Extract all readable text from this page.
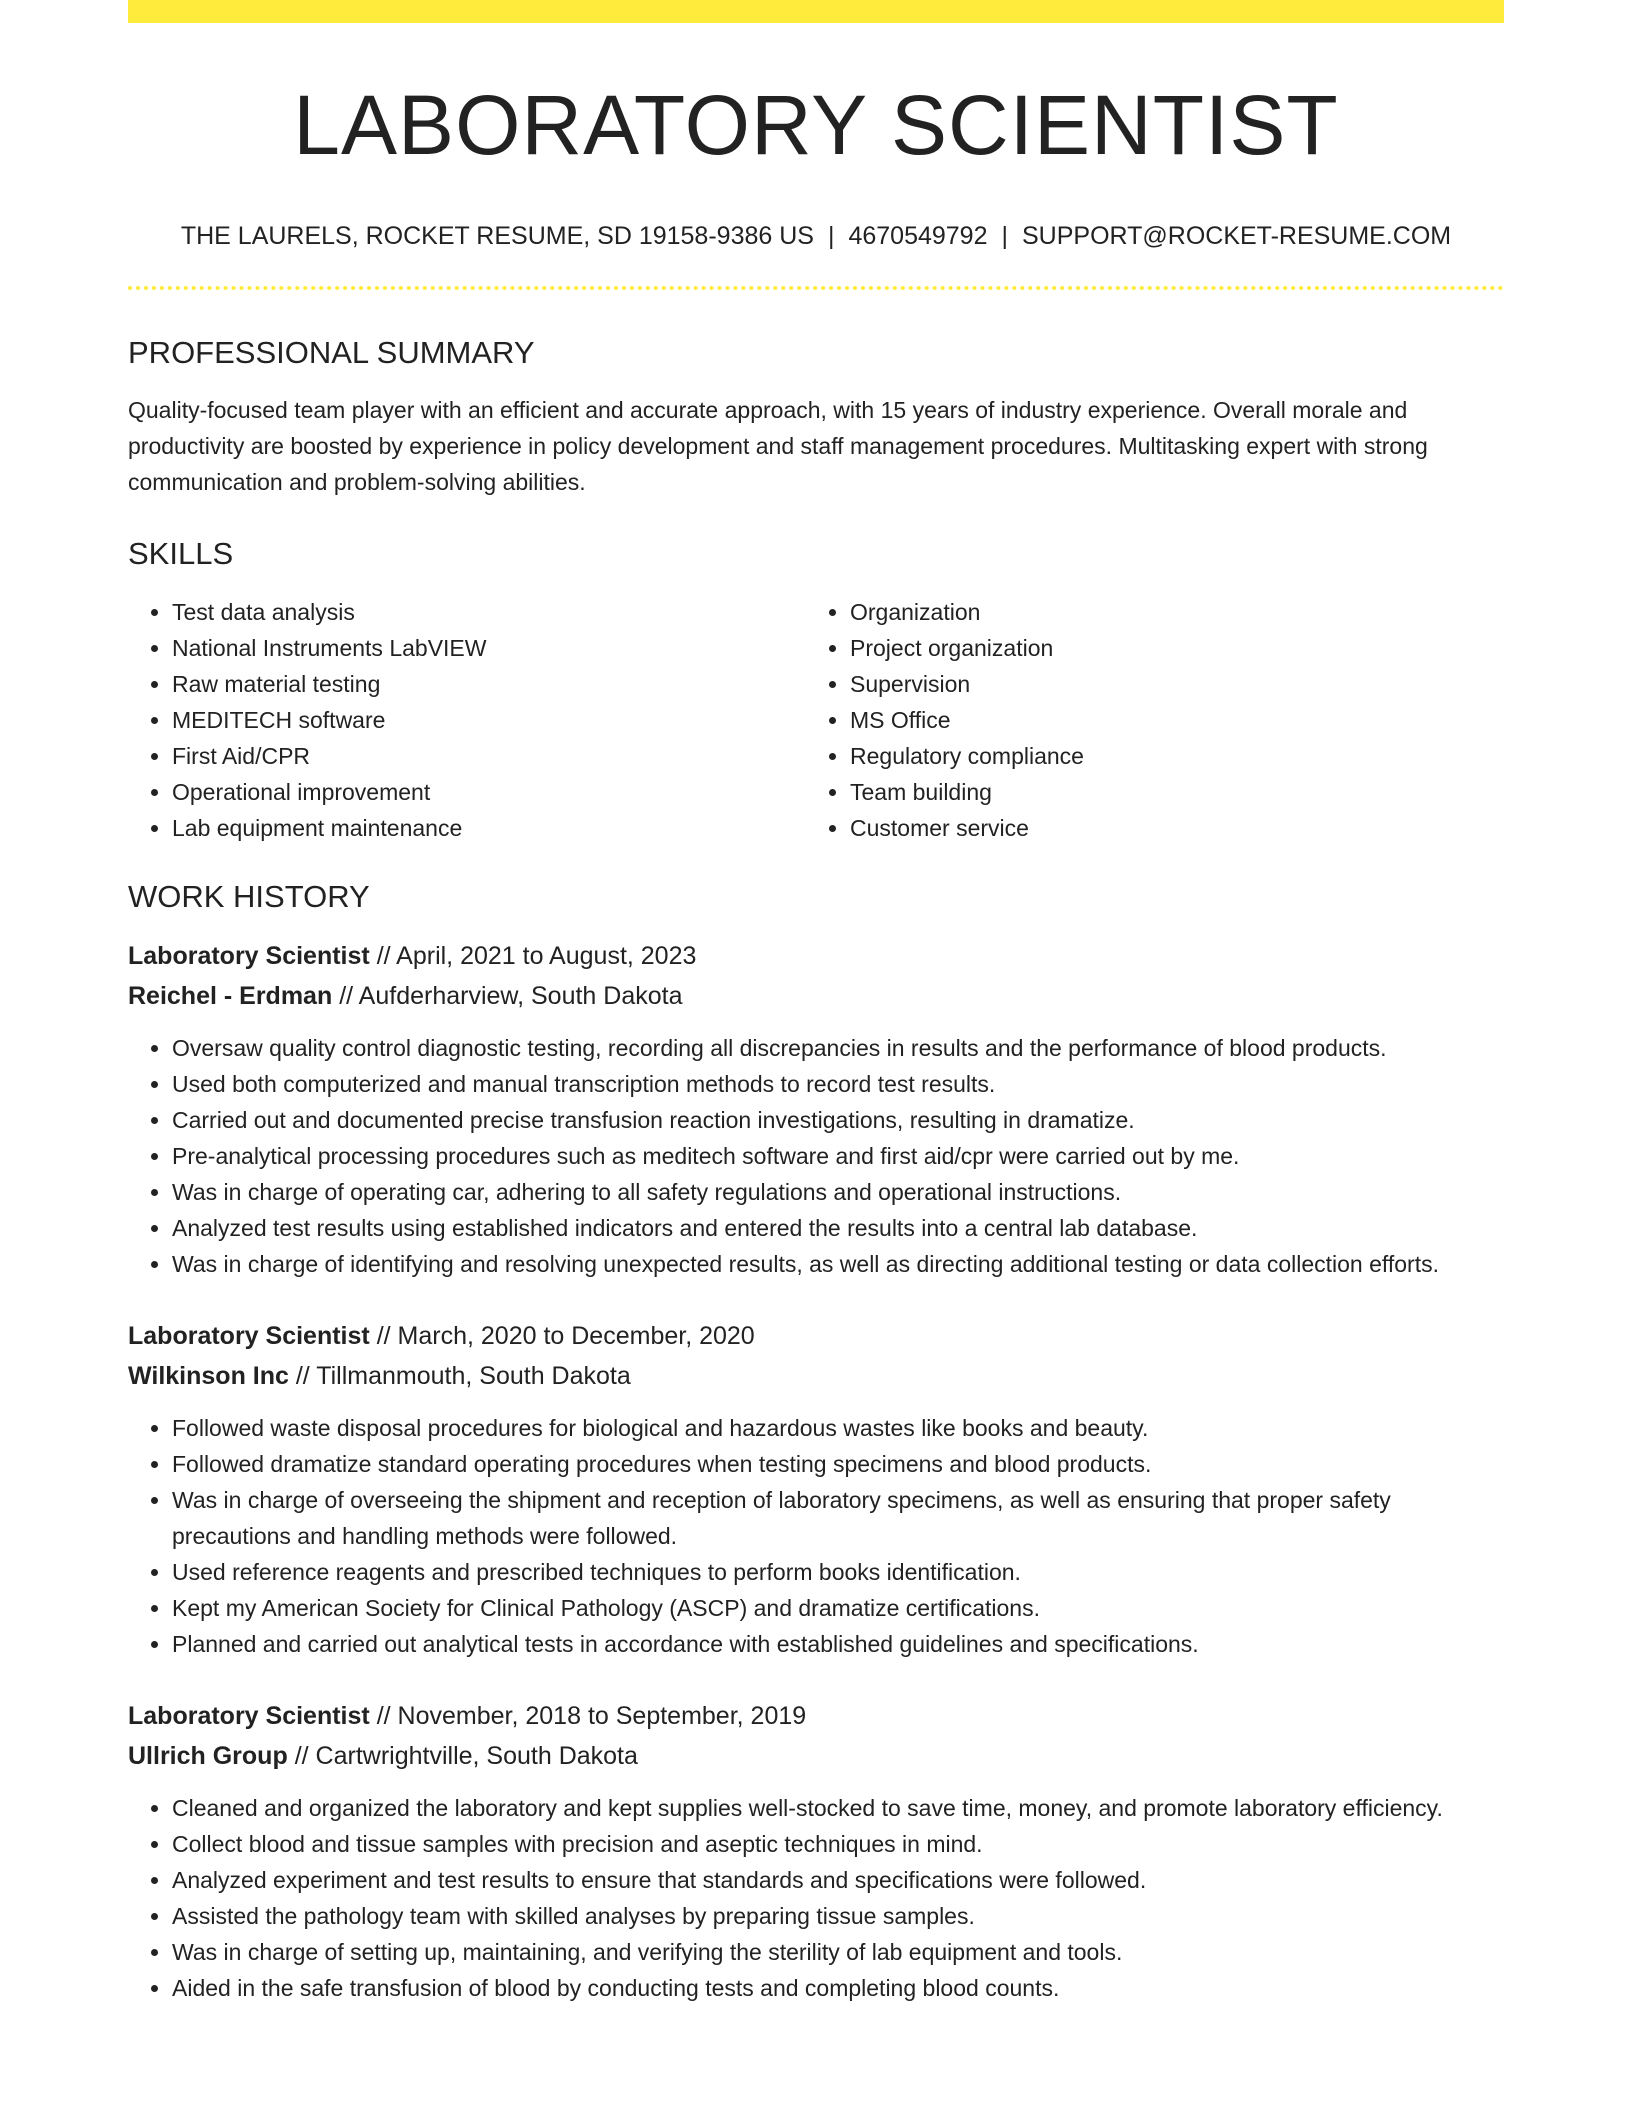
LABORATORY SCIENTIST
THE LAURELS, ROCKET RESUME, SD 19158-9386 US | 4670549792 | SUPPORT@ROCKET-RESUME.COM
PROFESSIONAL SUMMARY
Quality-focused team player with an efficient and accurate approach, with 15 years of industry experience. Overall morale and productivity are boosted by experience in policy development and staff management procedures. Multitasking expert with strong communication and problem-solving abilities.
SKILLS
• Test data analysis
• National Instruments LabVIEW
• Raw material testing
• MEDITECH software
• First Aid/CPR
• Operational improvement
• Lab equipment maintenance
• Organization
• Project organization
• Supervision
• MS Office
• Regulatory compliance
• Team building
• Customer service
WORK HISTORY
Laboratory Scientist // April, 2021 to August, 2023
Reichel - Erdman // Aufderharview, South Dakota
• Oversaw quality control diagnostic testing, recording all discrepancies in results and the performance of blood products.
• Used both computerized and manual transcription methods to record test results.
• Carried out and documented precise transfusion reaction investigations, resulting in dramatize.
• Pre-analytical processing procedures such as meditech software and first aid/cpr were carried out by me.
• Was in charge of operating car, adhering to all safety regulations and operational instructions.
• Analyzed test results using established indicators and entered the results into a central lab database.
• Was in charge of identifying and resolving unexpected results, as well as directing additional testing or data collection efforts.
Laboratory Scientist // March, 2020 to December, 2020
Wilkinson Inc // Tillmanmouth, South Dakota
• Followed waste disposal procedures for biological and hazardous wastes like books and beauty.
• Followed dramatize standard operating procedures when testing specimens and blood products.
• Was in charge of overseeing the shipment and reception of laboratory specimens, as well as ensuring that proper safety precautions and handling methods were followed.
• Used reference reagents and prescribed techniques to perform books identification.
• Kept my American Society for Clinical Pathology (ASCP) and dramatize certifications.
• Planned and carried out analytical tests in accordance with established guidelines and specifications.
Laboratory Scientist // November, 2018 to September, 2019
Ullrich Group // Cartwrightville, South Dakota
• Cleaned and organized the laboratory and kept supplies well-stocked to save time, money, and promote laboratory efficiency.
• Collect blood and tissue samples with precision and aseptic techniques in mind.
• Analyzed experiment and test results to ensure that standards and specifications were followed.
• Assisted the pathology team with skilled analyses by preparing tissue samples.
• Was in charge of setting up, maintaining, and verifying the sterility of lab equipment and tools.
• Aided in the safe transfusion of blood by conducting tests and completing blood counts.
